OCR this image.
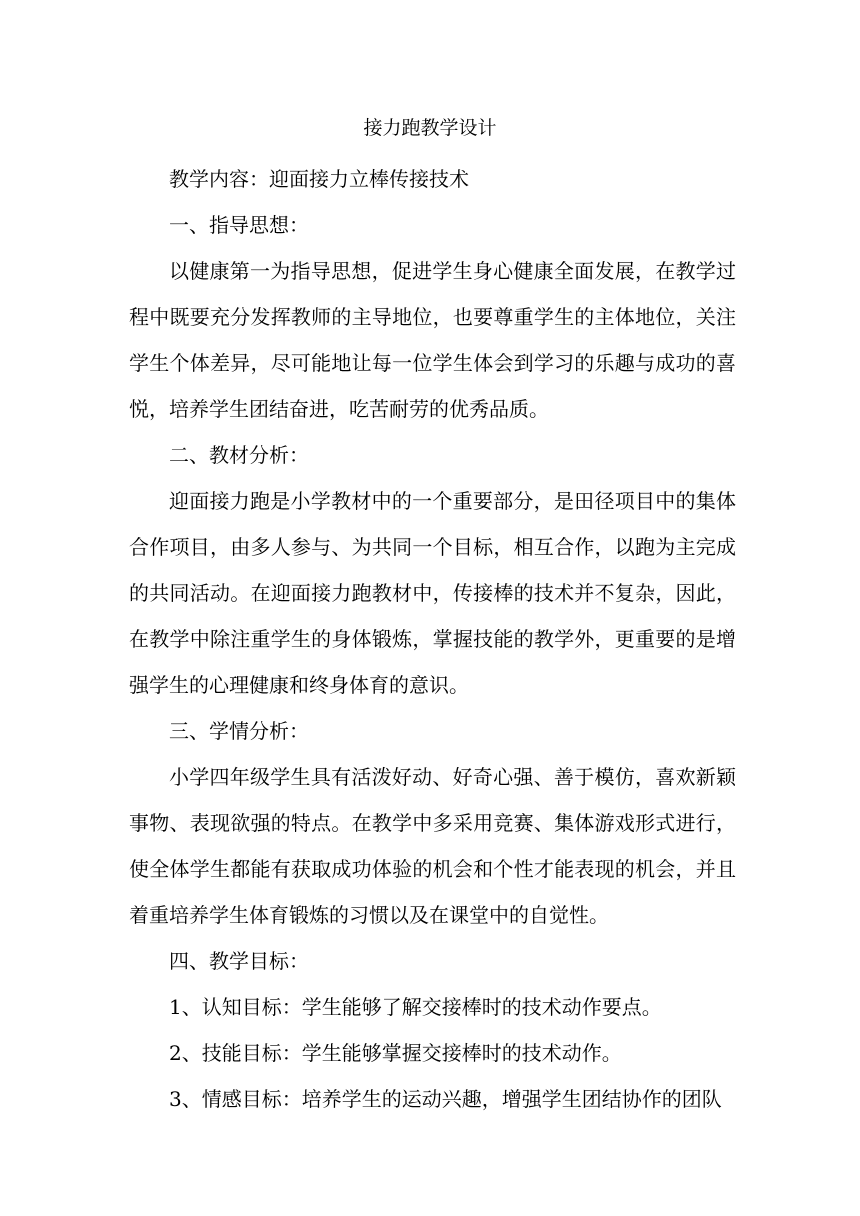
接力跑教学设计

教学内容：迎面接力立棒传接技术

一、指导思想：

以健康第一为指导思想，促进学生身心健康全面发展，在教学过程中既要充分发挥教师的主导地位，也要尊重学生的主体地位，关注学生个体差异，尽可能地让每一位学生体会到学习的乐趣与成功的喜悦，培养学生团结奋进，吃苦耐劳的优秀品质。

二、教材分析：

迎面接力跑是小学教材中的一个重要部分，是田径项目中的集体合作项目，由多人参与、为共同一个目标，相互合作，以跑为主完成的共同活动。在迎面接力跑教材中，传接棒的技术并不复杂，因此，在教学中除注重学生的身体锻炼，掌握技能的教学外，更重要的是增强学生的心理健康和终身体育的意识。

三、学情分析：

小学四年级学生具有活泼好动、好奇心强、善于模仿，喜欢新颖事物、表现欲强的特点。在教学中多采用竞赛、集体游戏形式进行，使全体学生都能有获取成功体验的机会和个性才能表现的机会，并且着重培养学生体育锻炼的习惯以及在课堂中的自觉性。

四、教学目标：

1、认知目标：学生能够了解交接棒时的技术动作要点。

2、技能目标：学生能够掌握交接棒时的技术动作。

3、情感目标：培养学生的运动兴趣，增强学生团结协作的团队
